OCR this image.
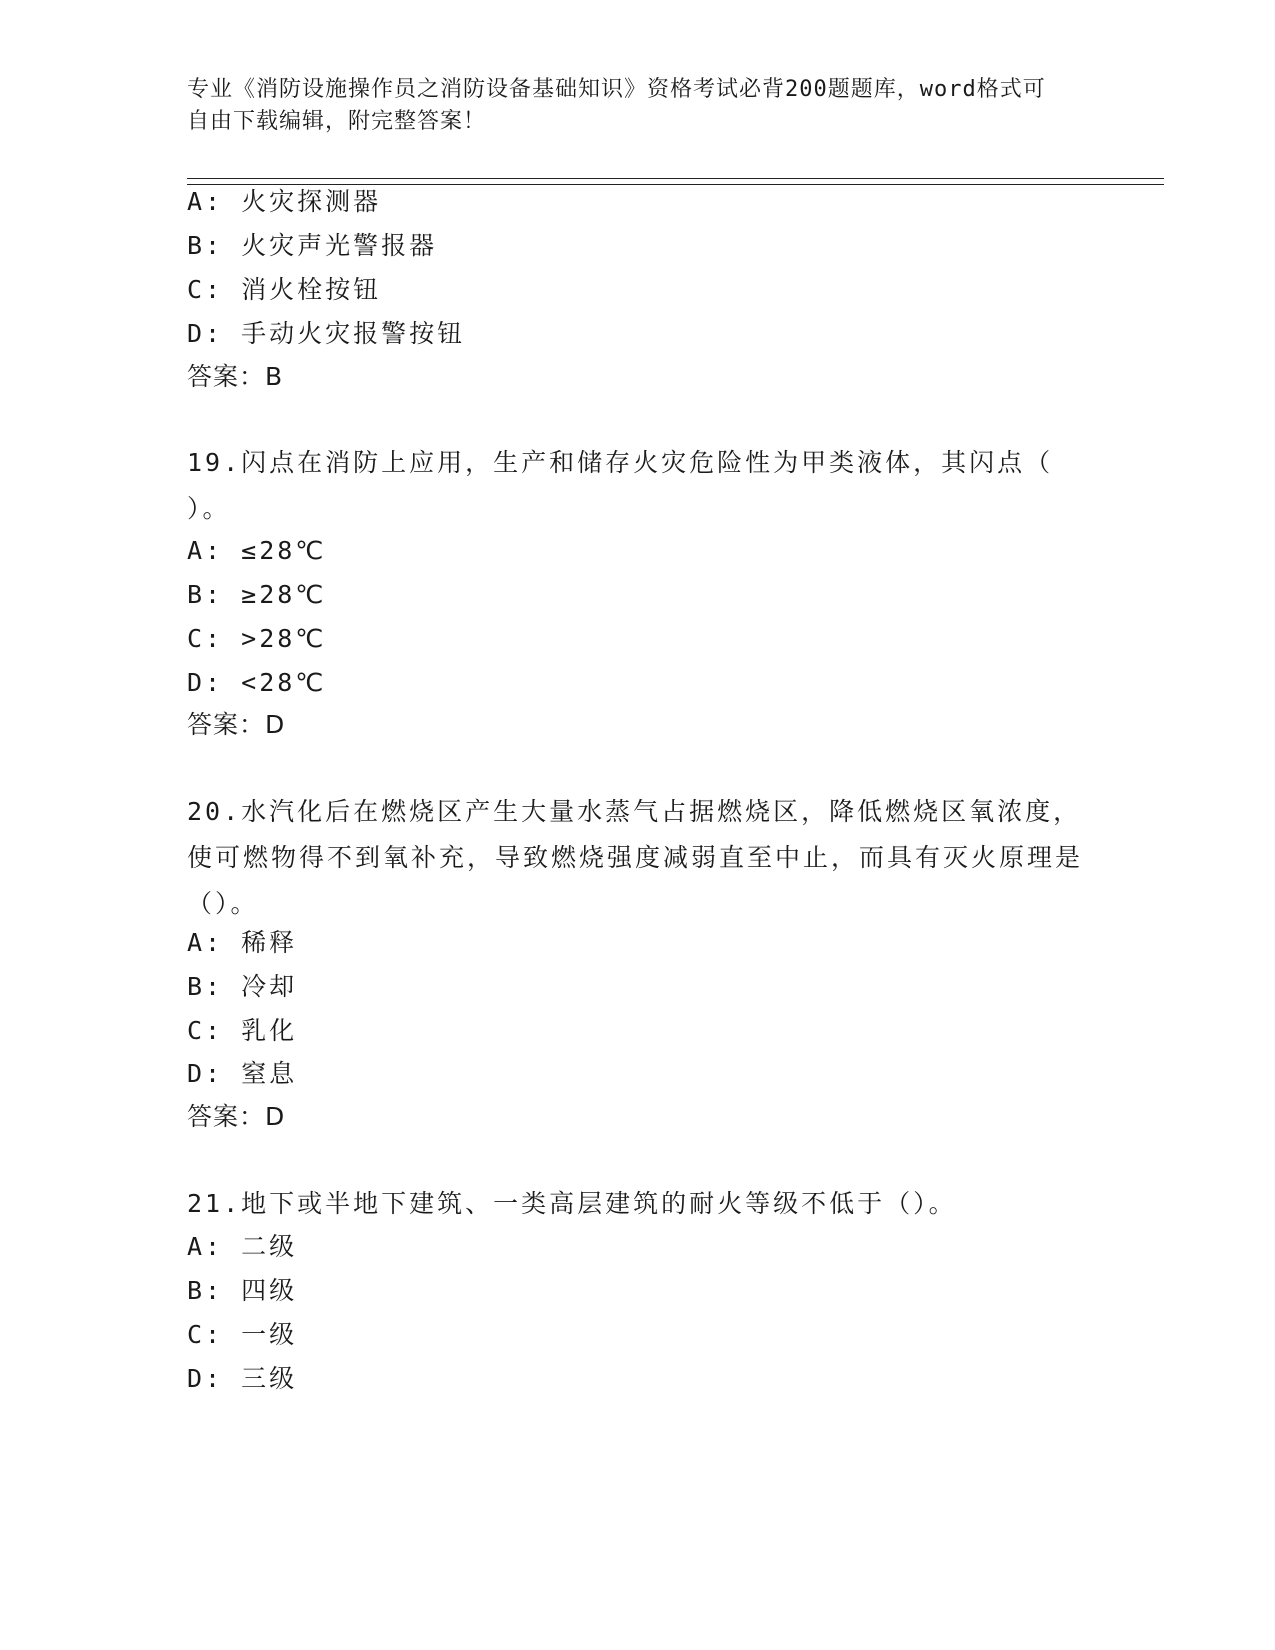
专业《消防设施操作员之消防设备基础知识》资格考试必背200题题库，word格式可自由下载编辑，附完整答案！

A: 火灾探测器
B: 火灾声光警报器
C: 消火栓按钮
D: 手动火灾报警按钮
答案：B
19.闪点在消防上应用，生产和储存火灾危险性为甲类液体，其闪点（ ）。
A: ≤28℃
B: ≥28℃
C: >28℃
D: <28℃
答案：D
20.水汽化后在燃烧区产生大量水蒸气占据燃烧区，降低燃烧区氧浓度，使可燃物得不到氧补充，导致燃烧强度减弱直至中止，而具有灭火原理是（）。
A: 稀释
B: 冷却
C: 乳化
D: 窒息
答案：D
21.地下或半地下建筑、一类高层建筑的耐火等级不低于（）。
A: 二级
B: 四级
C: 一级
D: 三级
